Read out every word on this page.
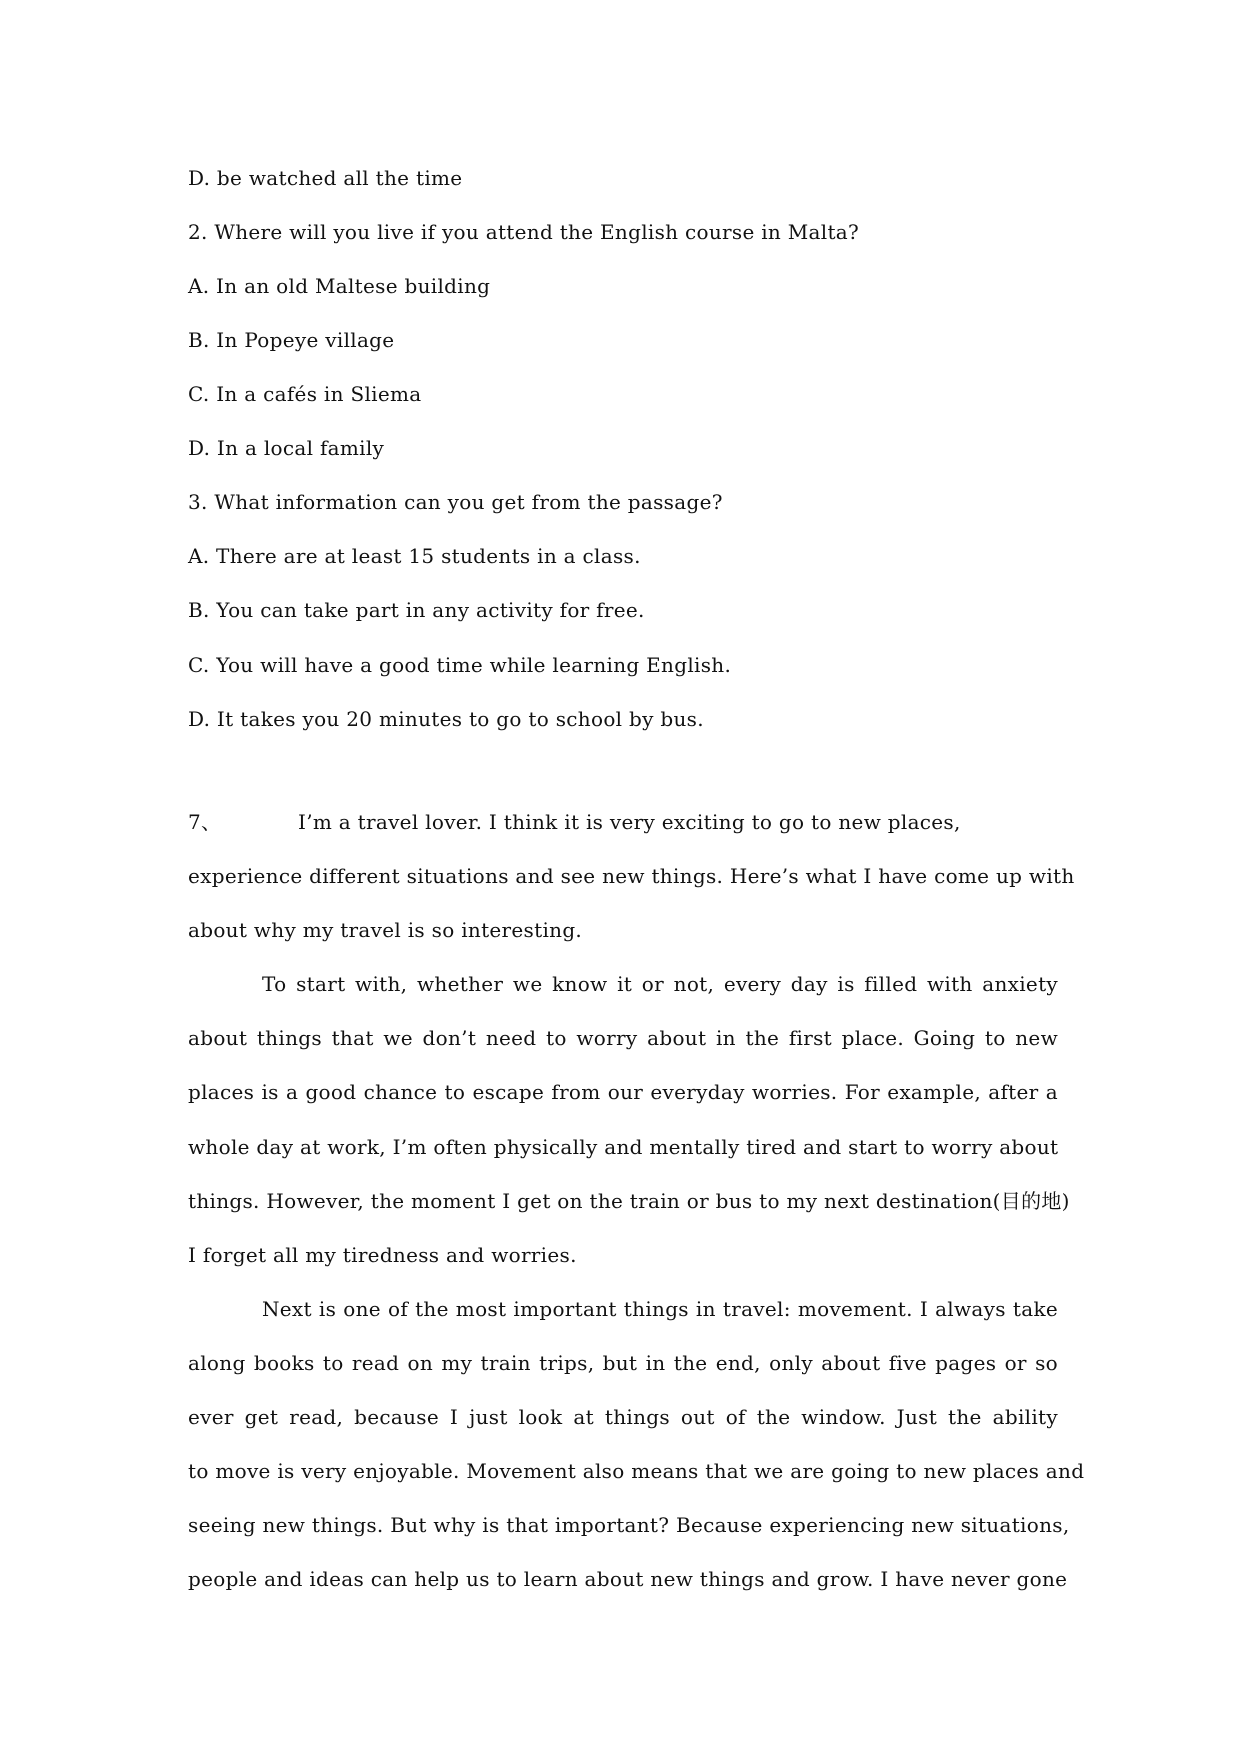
D. be watched all the time

2. Where will you live if you attend the English course in Malta?

A. In an old Maltese building

B. In Popeye village

C. In a cafés in Sliema

D. In a local family

3. What information can you get from the passage?

A. There are at least 15 students in a class.

B. You can take part in any activity for free.

C. You will have a good time while learning English.

D. It takes you 20 minutes to go to school by bus.

7、	I’m a travel lover. I think it is very exciting to go to new places,

experience different situations and see new things. Here’s what I have come up with

about why my travel is so interesting.

To start with, whether we know it or not, every day is filled with anxiety

about things that we don’t need to worry about in the first place. Going to new

places is a good chance to escape from our everyday worries. For example, after a

whole day at work, I’m often physically and mentally tired and start to worry about

things. However, the moment I get on the train or bus to my next destination(目的地)

I forget all my tiredness and worries.

Next is one of the most important things in travel: movement. I always take

along books to read on my train trips, but in the end, only about five pages or so

ever get read, because I just look at things out of the window. Just the ability

to move is very enjoyable. Movement also means that we are going to new places and

seeing new things. But why is that important? Because experiencing new situations,

people and ideas can help us to learn about new things and grow. I have never gone
